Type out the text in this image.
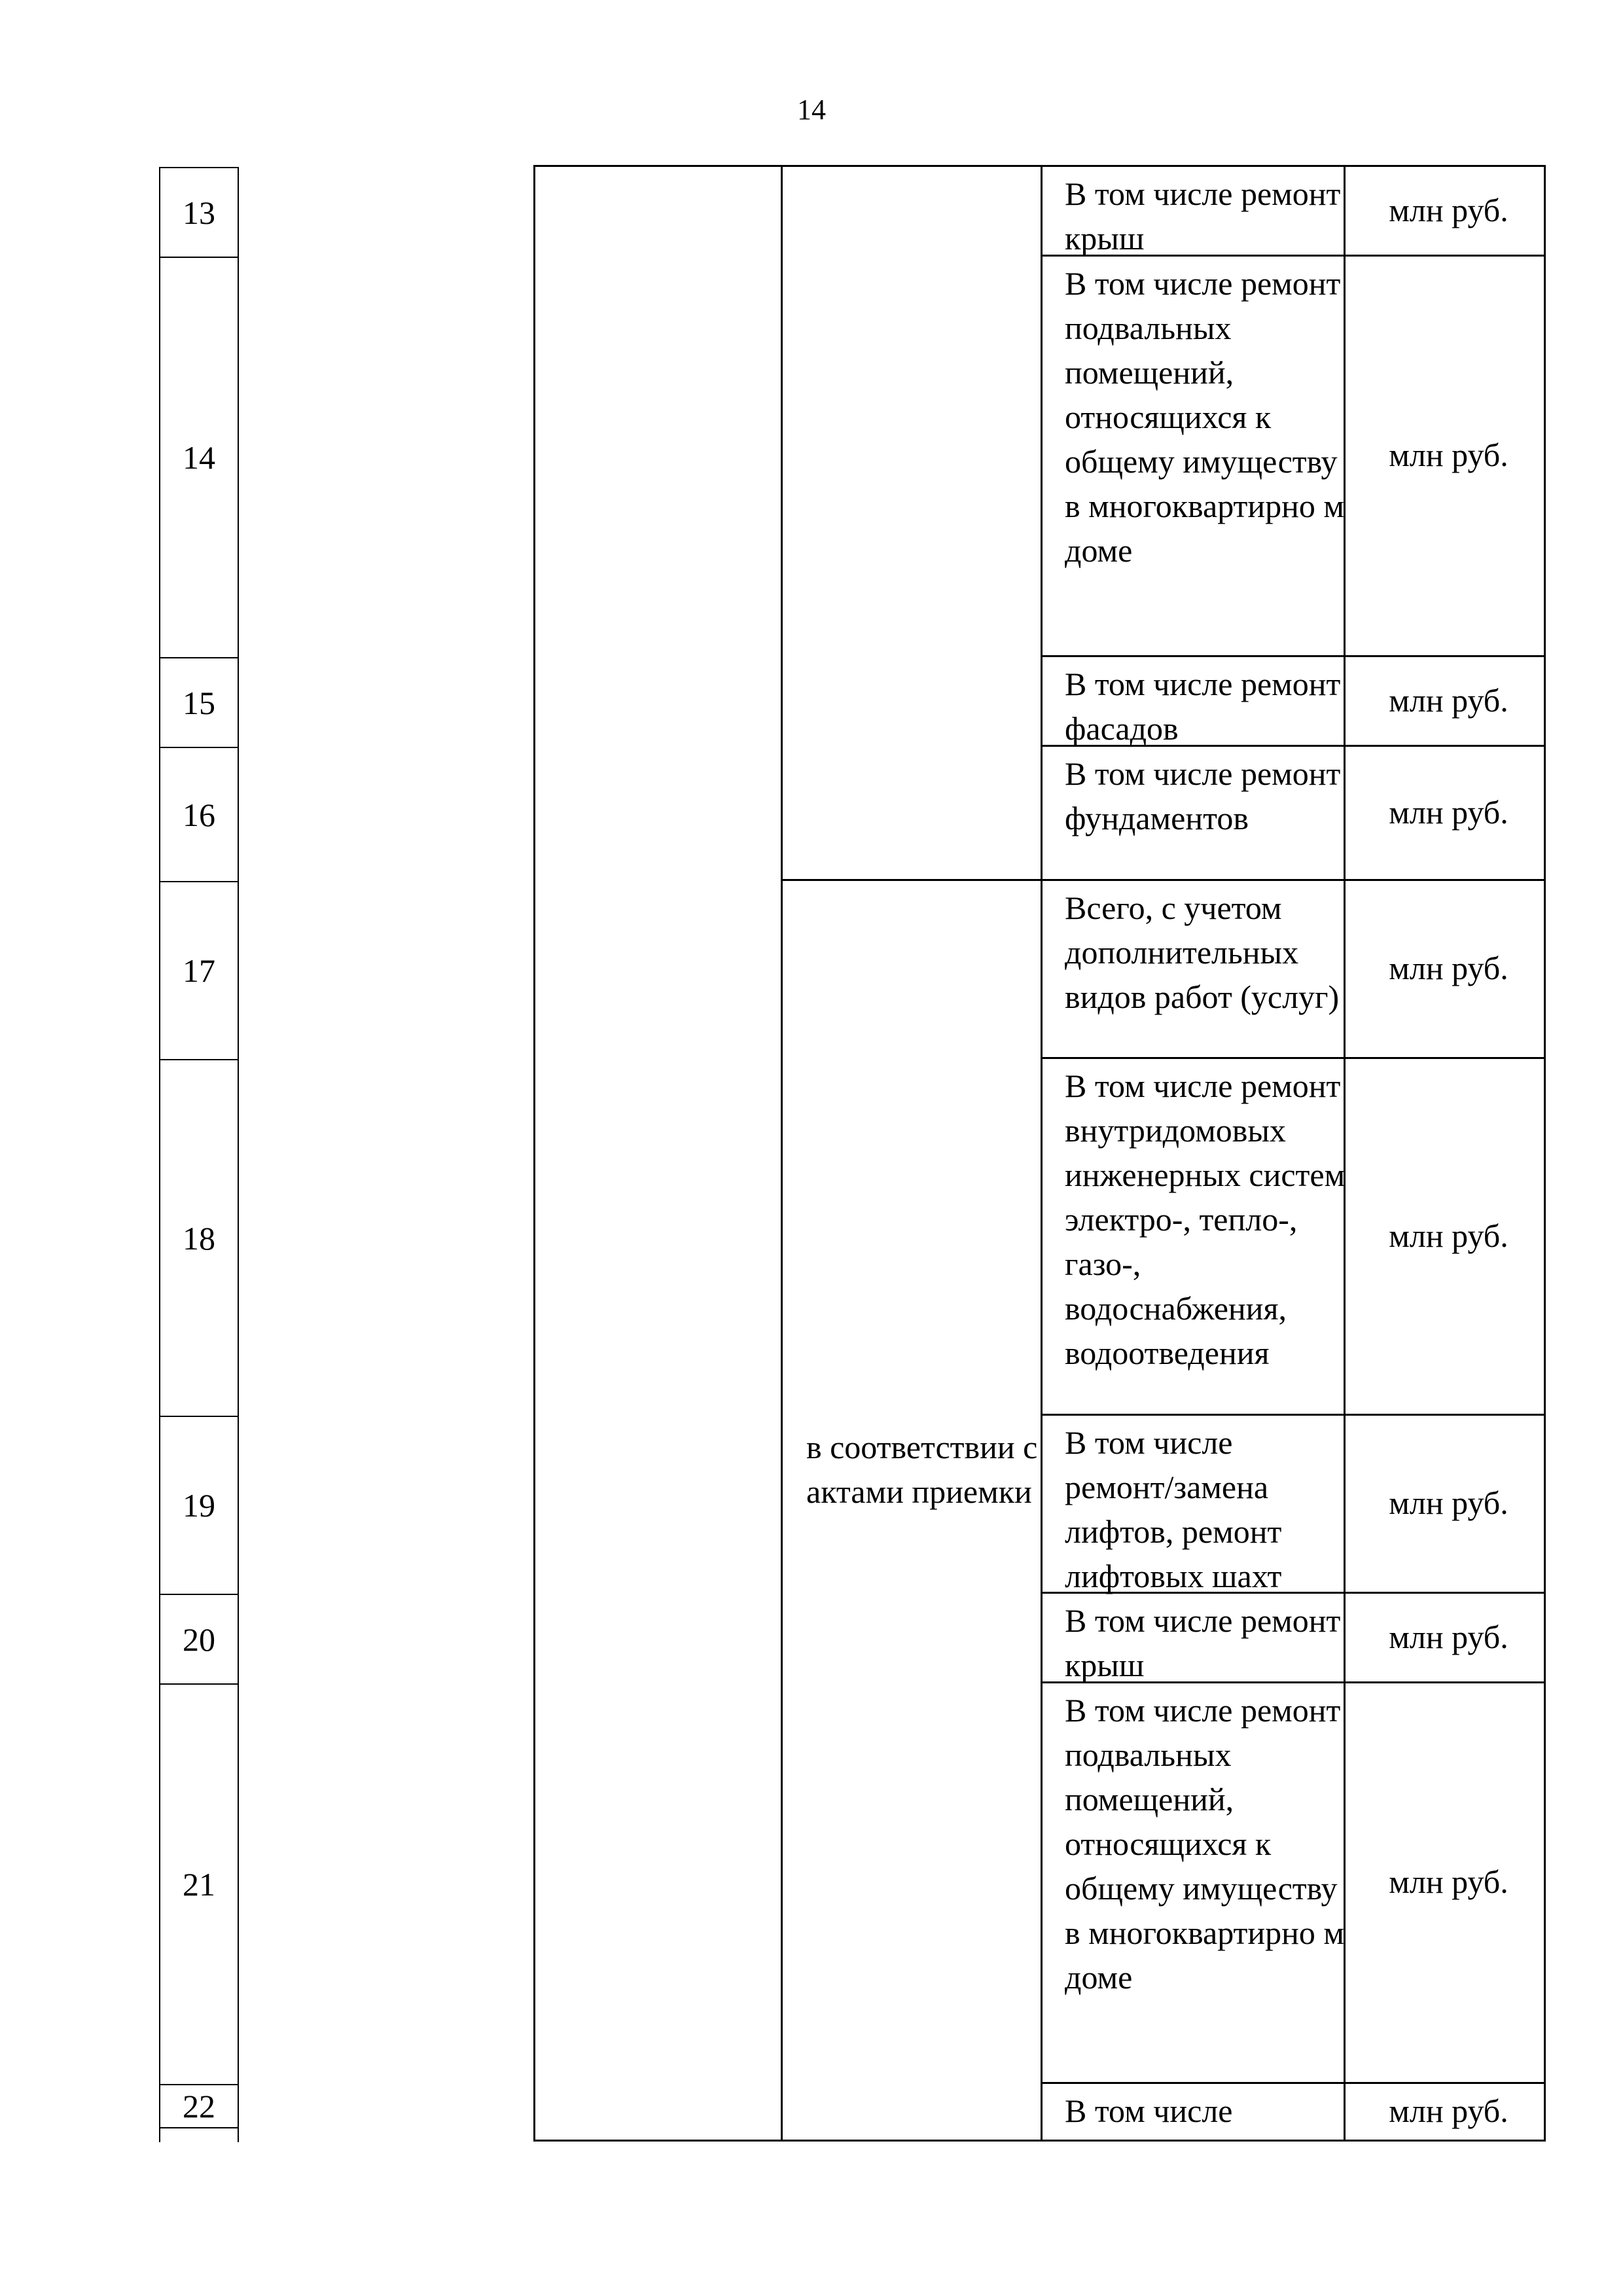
14
13
14
15
16
17
18
19
20
21
22
В том числе ремонт крыш
В том числе ремонт подвальных помещений, относящихся к общему имуществу в многоквартирно м доме
В том числе ремонт фасадов
В том числе ремонт фундаментов
Всего, с учетом дополнительных видов работ (услуг)
В том числе ремонт внутридомовых инженерных систем электро-, тепло-, газо-, водоснабжения, водоотведения
В том числе ремонт/замена лифтов, ремонт лифтовых шахт
В том числе ремонт крыш
В том числе ремонт подвальных помещений, относящихся к общему имуществу в многоквартирно м доме
В том числе
млн руб.
млн руб.
млн руб.
млн руб.
млн руб.
млн руб.
млн руб.
млн руб.
млн руб.
млн руб.
в соответствии с актами приемки
